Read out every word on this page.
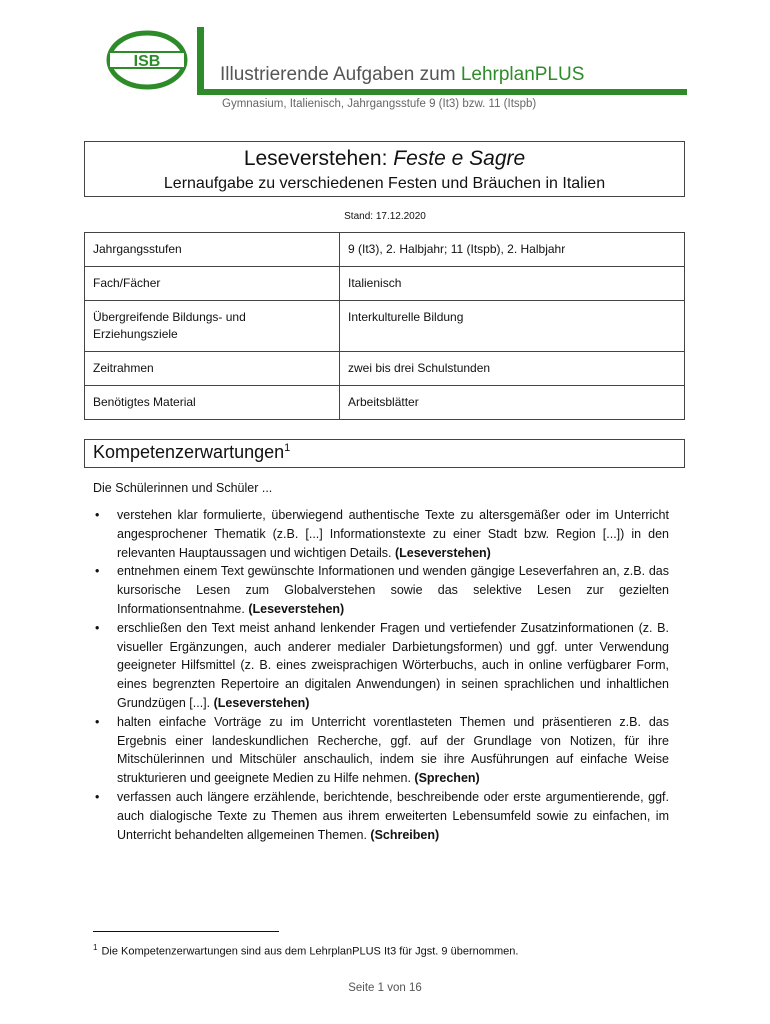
ISB
Illustrierende Aufgaben zum LehrplanPLUS
Gymnasium, Italienisch, Jahrgangsstufe 9 (It3) bzw. 11 (Itspb)
Leseverstehen: Feste e Sagre
Lernaufgabe zu verschiedenen Festen und Bräuchen in Italien
Stand: 17.12.2020
Jahrgangsstufen	9 (It3), 2. Halbjahr; 11 (Itspb), 2. Halbjahr
Fach/Fächer	Italienisch
Übergreifende Bildungs- und Erziehungsziele	Interkulturelle Bildung
Zeitrahmen	zwei bis drei Schulstunden
Benötigtes Material	Arbeitsblätter
Kompetenzerwartungen$^1$
Die Schülerinnen und Schüler ...
• verstehen klar formulierte, überwiegend authentische Texte zu altersgemäßer oder im Unterricht angesprochener Thematik (z.B. [...] Informationstexte zu einer Stadt bzw. Region [...]) in den relevanten Hauptaussagen und wichtigen Details. (Leseverstehen)
• entnehmen einem Text gewünschte Informationen und wenden gängige Leseverfahren an, z.B. das kursorische Lesen zum Globalverstehen sowie das selektive Lesen zur gezielten Informationsentnahme. (Leseverstehen)
• erschließen den Text meist anhand lenkender Fragen und vertiefender Zusatzinformationen (z. B. visueller Ergänzungen, auch anderer medialer Darbietungsformen) und ggf. unter Verwendung geeigneter Hilfsmittel (z. B. eines zweisprachigen Wörterbuchs, auch in online verfügbarer Form, eines begrenzten Repertoire an digitalen Anwendungen) in seinen sprachlichen und inhaltlichen Grundzügen [...]. (Leseverstehen)
• halten einfache Vorträge zu im Unterricht vorentlasteten Themen und präsentieren z.B. das Ergebnis einer landeskundlichen Recherche, ggf. auf der Grundlage von Notizen, für ihre Mitschülerinnen und Mitschüler anschaulich, indem sie ihre Ausführungen auf einfache Weise strukturieren und geeignete Medien zu Hilfe nehmen. (Sprechen)
• verfassen auch längere erzählende, berichtende, beschreibende oder erste argumentierende, ggf. auch dialogische Texte zu Themen aus ihrem erweiterten Lebensumfeld sowie zu einfachen, im Unterricht behandelten allgemeinen Themen. (Schreiben)
$^1$ Die Kompetenzerwartungen sind aus dem LehrplanPLUS It3 für Jgst. 9 übernommen.
Seite 1 von 16
